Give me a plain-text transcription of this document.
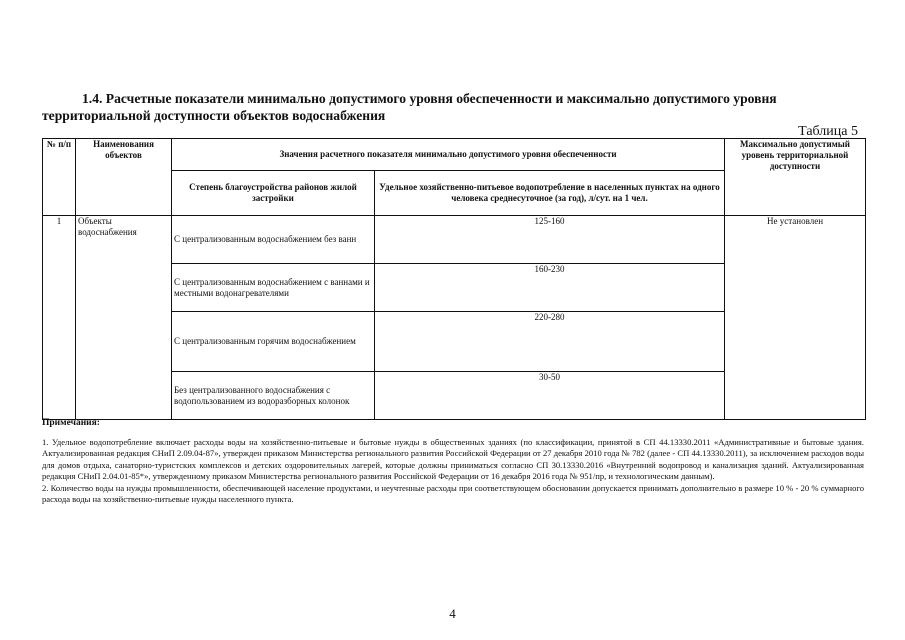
1.4. Расчетные показатели минимально допустимого уровня обеспеченности и максимально допустимого уровня территориальной доступности объектов водоснабжения
Таблица 5
№ п/п	Наименования объектов	Значения расчетного показателя минимально допустимого уровня обеспеченности		Максимально допустимый уровень территориальной доступности
		Степень благоустройства районов жилой застройки	Удельное хозяйственно-питьевое водопотребление в населенных пунктах на одного человека среднесуточное (за год), л/сут. на 1 чел.	
1	Объекты водоснабжения	С централизованным водоснабжением без ванн	125-160	Не установлен
		С централизованным водоснабжением с ваннами и местными водонагревателями	160-230	
		С централизованным горячим водоснабжением	220-280	
		Без централизованного водоснабжения с водопользованием из водоразборных колонок	30-50	
Примечания:

1. Удельное водопотребление включает расходы воды на хозяйственно-питьевые и бытовые нужды в общественных зданиях (по классификации, принятой в СП 44.13330.2011 «Административные и бытовые здания. Актуализированная редакция СНиП 2.09.04-87», утвержден приказом Министерства регионального развития Российской Федерации от 27 декабря 2010 года № 782 (далее - СП 44.13330.2011), за исключением расходов воды для домов отдыха, санаторно-туристских комплексов и детских оздоровительных лагерей, которые должны приниматься согласно СП 30.13330.2016 «Внутренний водопровод и канализация зданий. Актуализированная редакция СНиП 2.04.01-85*», утвержденному приказом Министерства регионального развития Российской Федерации от 16 декабря 2016 года № 951/пр, и технологическим данным).

2. Количество воды на нужды промышленности, обеспечивающей население продуктами, и неучтенные расходы при соответствующем обосновании допускается принимать дополнительно в размере 10 % - 20 % суммарного расхода воды на хозяйственно-питьевые нужды населенного пункта.

4
